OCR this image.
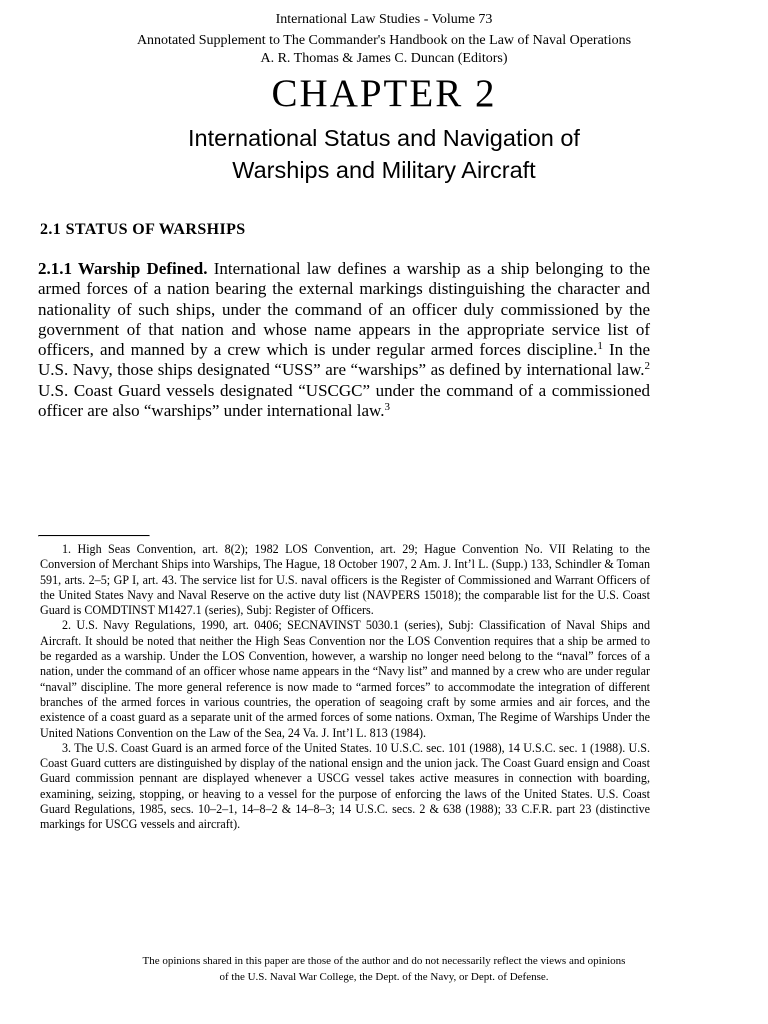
International Law Studies - Volume 73

Annotated Supplement to The Commander's Handbook on the Law of Naval Operations

A. R. Thomas & James C. Duncan (Editors)

CHAPTER 2
International Status and Navigation of
Warships and Military Aircraft
2.1 STATUS OF WARSHIPS

2.1.1 Warship Defined. International law defines a warship as a ship belonging to the armed forces of a nation bearing the external markings distinguishing the character and nationality of such ships, under the command of an officer duly commissioned by the government of that nation and whose name appears in the appropriate service list of officers, and manned by a crew which is under regular armed forces discipline.$^1$ In the U.S. Navy, those ships designated “USS” are “warships” as defined by international law.$^2$ U.S. Coast Guard vessels designated “USCGC” under the command of a commissioned officer are also “warships” under international law.$^3$

1. High Seas Convention, art. 8(2); 1982 LOS Convention, art. 29; Hague Convention No. VII Relating to the Conversion of Merchant Ships into Warships, The Hague, 18 October 1907, 2 Am. J. Int’l L. (Supp.) 133, Schindler & Toman 591, arts. 2–5; GP I, art. 43. The service list for U.S. naval officers is the Register of Commissioned and Warrant Officers of the United States Navy and Naval Reserve on the active duty list (NAVPERS 15018); the comparable list for the U.S. Coast Guard is COMDTINST M1427.1 (series), Subj: Register of Officers.

2. U.S. Navy Regulations, 1990, art. 0406; SECNAVINST 5030.1 (series), Subj: Classification of Naval Ships and Aircraft. It should be noted that neither the High Seas Convention nor the LOS Convention requires that a ship be armed to be regarded as a warship. Under the LOS Convention, however, a warship no longer need belong to the “naval” forces of a nation, under the command of an officer whose name appears in the “Navy list” and manned by a crew who are under regular “naval” discipline. The more general reference is now made to “armed forces” to accommodate the integration of different branches of the armed forces in various countries, the operation of seagoing craft by some armies and air forces, and the existence of a coast guard as a separate unit of the armed forces of some nations. Oxman, The Regime of Warships Under the United Nations Convention on the Law of the Sea, 24 Va. J. Int’l L. 813 (1984).

3. The U.S. Coast Guard is an armed force of the United States. 10 U.S.C. sec. 101 (1988), 14 U.S.C. sec. 1 (1988). U.S. Coast Guard cutters are distinguished by display of the national ensign and the union jack. The Coast Guard ensign and Coast Guard commission pennant are displayed whenever a USCG vessel takes active measures in connection with boarding, examining, seizing, stopping, or heaving to a vessel for the purpose of enforcing the laws of the United States. U.S. Coast Guard Regulations, 1985, secs. 10–2–1, 14–8–2 & 14–8–3; 14 U.S.C. secs. 2 & 638 (1988); 33 C.F.R. part 23 (distinctive markings for USCG vessels and aircraft).

The opinions shared in this paper are those of the author and do not necessarily reflect the views and opinions
of the U.S. Naval War College, the Dept. of the Navy, or Dept. of Defense.
